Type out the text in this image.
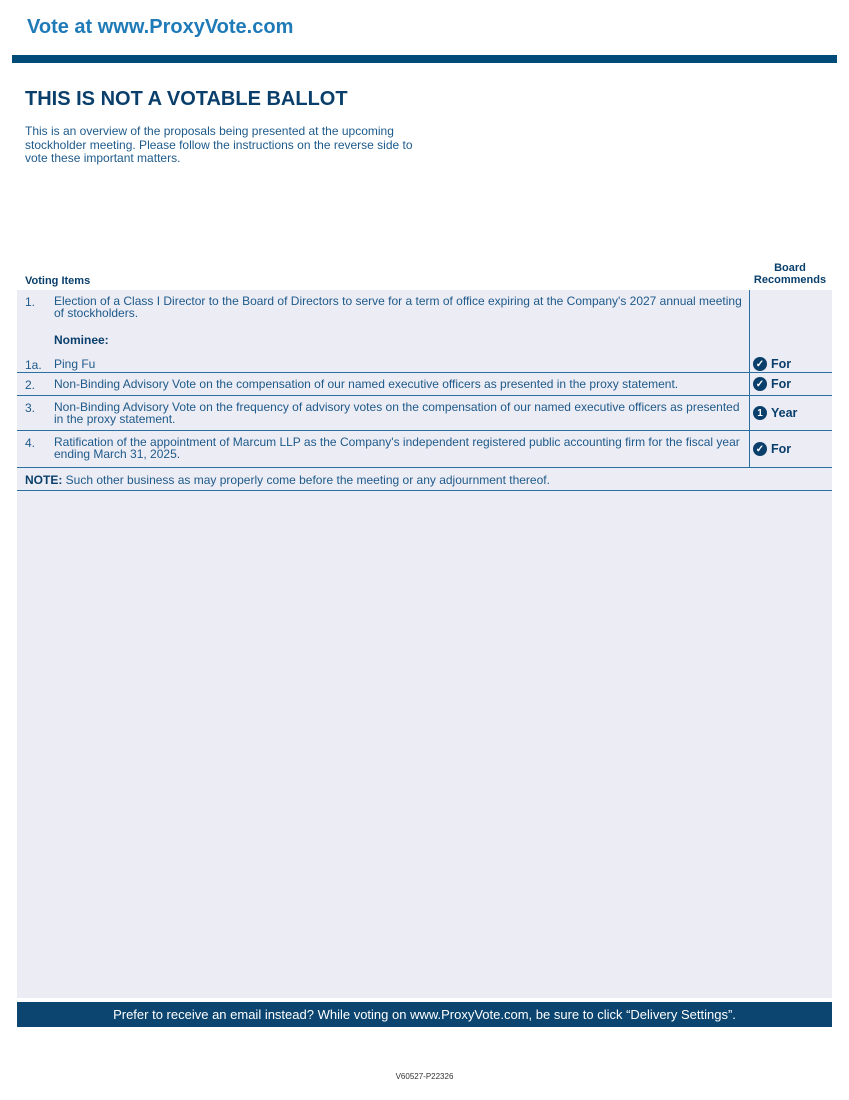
Vote at www.ProxyVote.com
THIS IS NOT A VOTABLE BALLOT
This is an overview of the proposals being presented at the upcoming stockholder meeting. Please follow the instructions on the reverse side to vote these important matters.
Voting Items
Board
Recommends
1. Election of a Class I Director to the Board of Directors to serve for a term of office expiring at the Company's 2027 annual meeting of stockholders.
Nominee:
1a. Ping Fu	✓ For
2. Non-Binding Advisory Vote on the compensation of our named executive officers as presented in the proxy statement.	✓ For
3. Non-Binding Advisory Vote on the frequency of advisory votes on the compensation of our named executive officers as presented in the proxy statement.	1 Year
4. Ratification of the appointment of Marcum LLP as the Company's independent registered public accounting firm for the fiscal year ending March 31, 2025.	✓ For
NOTE: Such other business as may properly come before the meeting or any adjournment thereof.
Prefer to receive an email instead? While voting on www.ProxyVote.com, be sure to click “Delivery Settings”.
V60527-P22326
